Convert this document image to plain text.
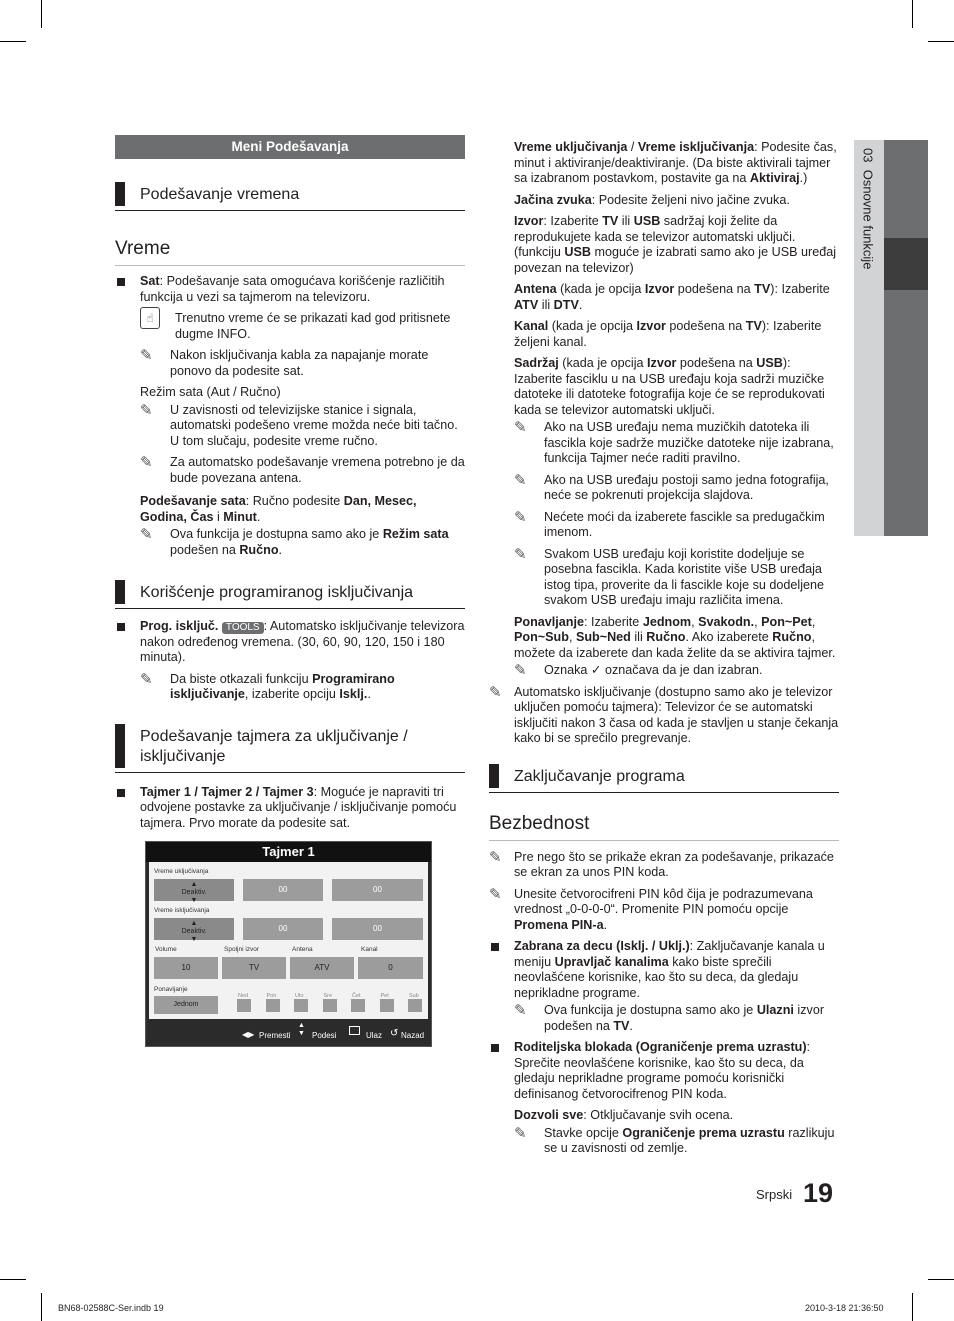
03  Osnovne funkcije
Meni Podešavanja
Podešavanje vremena
Vreme

Sat: Podešavanje sata omogućava korišćenje različitih funkcija u vezi sa tajmerom na televizoru.

☝	Trenutno vreme će se prikazati kad god pritisnete dugme INFO.

✎ Nakon isključivanja kabla za napajanje morate ponovo da podesite sat.

Režim sata (Aut / Ručno)

✎ U zavisnosti od televizijske stanice i signala, automatski podešeno vreme možda neće biti tačno. U tom slučaju, podesite vreme ručno.

✎ Za automatsko podešavanje vremena potrebno je da bude povezana antena.

Podešavanje sata: Ručno podesite Dan, Mesec, Godina, Čas i Minut.

✎ Ova funkcija je dostupna samo ako je Režim sata podešen na Ručno.

Korišćenje programiranog isključivanja

Prog. isključ. TOOLS : Automatsko isključivanje televizora nakon određenog vremena. (30, 60, 90, 120, 150 i 180 minuta).

✎ Da biste otkazali funkciju Programirano isključivanje, izaberite opciju Isklj..

Podešavanje tajmera za uključivanje / isključivanje

Tajmer 1 / Tajmer 2 / Tajmer 3: Moguće je napraviti tri odvojene postavke za uključivanje / isključivanje pomoću tajmera. Prvo morate da podesite sat.

Tajmer 1
Vreme uključivanja
▲
Deaktiv.
▼
00	00
Vreme isključivanja
▲
Deaktiv.
▼
00	00
Volume	Spoljni izvor	Antena	Kanal
10	TV	ATV	0
Ponavljanje
Jednom
Ned	Pon	Uto	Sre	Čet	Pet	Sub
◀▶ Premesti
▲
▼ Podesi	Ulaz ↺ Nazad

Vreme uključivanja / Vreme isključivanja: Podesite čas, minut i aktiviranje/deaktiviranje. (Da biste aktivirali tajmer sa izabranom postavkom, postavite ga na Aktiviraj.)

Jačina zvuka: Podesite željeni nivo jačine zvuka.

Izvor: Izaberite TV ili USB sadržaj koji želite da reprodukujete kada se televizor automatski uključi. (funkciju USB moguće je izabrati samo ako je USB uređaj povezan na televizor)

Antena (kada je opcija Izvor podešena na TV): Izaberite ATV ili DTV.

Kanal (kada je opcija Izvor podešena na TV): Izaberite željeni kanal.

Sadržaj (kada je opcija Izvor podešena na USB): Izaberite fasciklu u na USB uređaju koja sadrži muzičke datoteke ili datoteke fotografija koje će se reprodukovati kada se televizor automatski uključi.

✎ Ako na USB uređaju nema muzičkih datoteka ili fascikla koje sadrže muzičke datoteke nije izabrana, funkcija Tajmer neće raditi pravilno.

✎ Ako na USB uređaju postoji samo jedna fotografija, neće se pokrenuti projekcija slajdova.

✎ Nećete moći da izaberete fascikle sa predugačkim imenom.

✎ Svakom USB uređaju koji koristite dodeljuje se posebna fascikla. Kada koristite više USB uređaja istog tipa, proverite da li fascikle koje su dodeljene svakom USB uređaju imaju različita imena.

Ponavljanje: Izaberite Jednom, Svakodn., Pon~Pet, Pon~Sub, Sub~Ned ili Ručno. Ako izaberete Ručno, možete da izaberete dan kada želite da se aktivira tajmer.

✎ Oznaka ✓ označava da je dan izabran.

✎ Automatsko isključivanje (dostupno samo ako je televizor uključen pomoću tajmera): Televizor će se automatski isključiti nakon 3 časa od kada je stavljen u stanje čekanja kako bi se sprečilo pregrevanje.

Zaključavanje programa
Bezbednost

✎ Pre nego što se prikaže ekran za podešavanje, prikazaće se ekran za unos PIN koda.

✎ Unesite četvorocifreni PIN kôd čija je podrazumevana vrednost „0-0-0-0“. Promenite PIN pomoću opcije Promena PIN-a.

Zabrana za decu (Isklj. / Uklj.): Zaključavanje kanala u meniju Upravljač kanalima kako biste sprečili neovlašćene korisnike, kao što su deca, da gledaju neprikladne programe.

✎ Ova funkcija je dostupna samo ako je Ulazni izvor podešen na TV.

Roditeljska blokada (Ograničenje prema uzrastu): Sprečite neovlašćene korisnike, kao što su deca, da gledaju neprikladne programe pomoću korisnički definisanog četvorocifrenog PIN koda.

Dozvoli sve: Otključavanje svih ocena.

✎ Stavke opcije Ograničenje prema uzrastu razlikuju se u zavisnosti od zemlje.

Srpski 19
BN68-02588C-Ser.indb 19	2010-3-18 21:36:50
